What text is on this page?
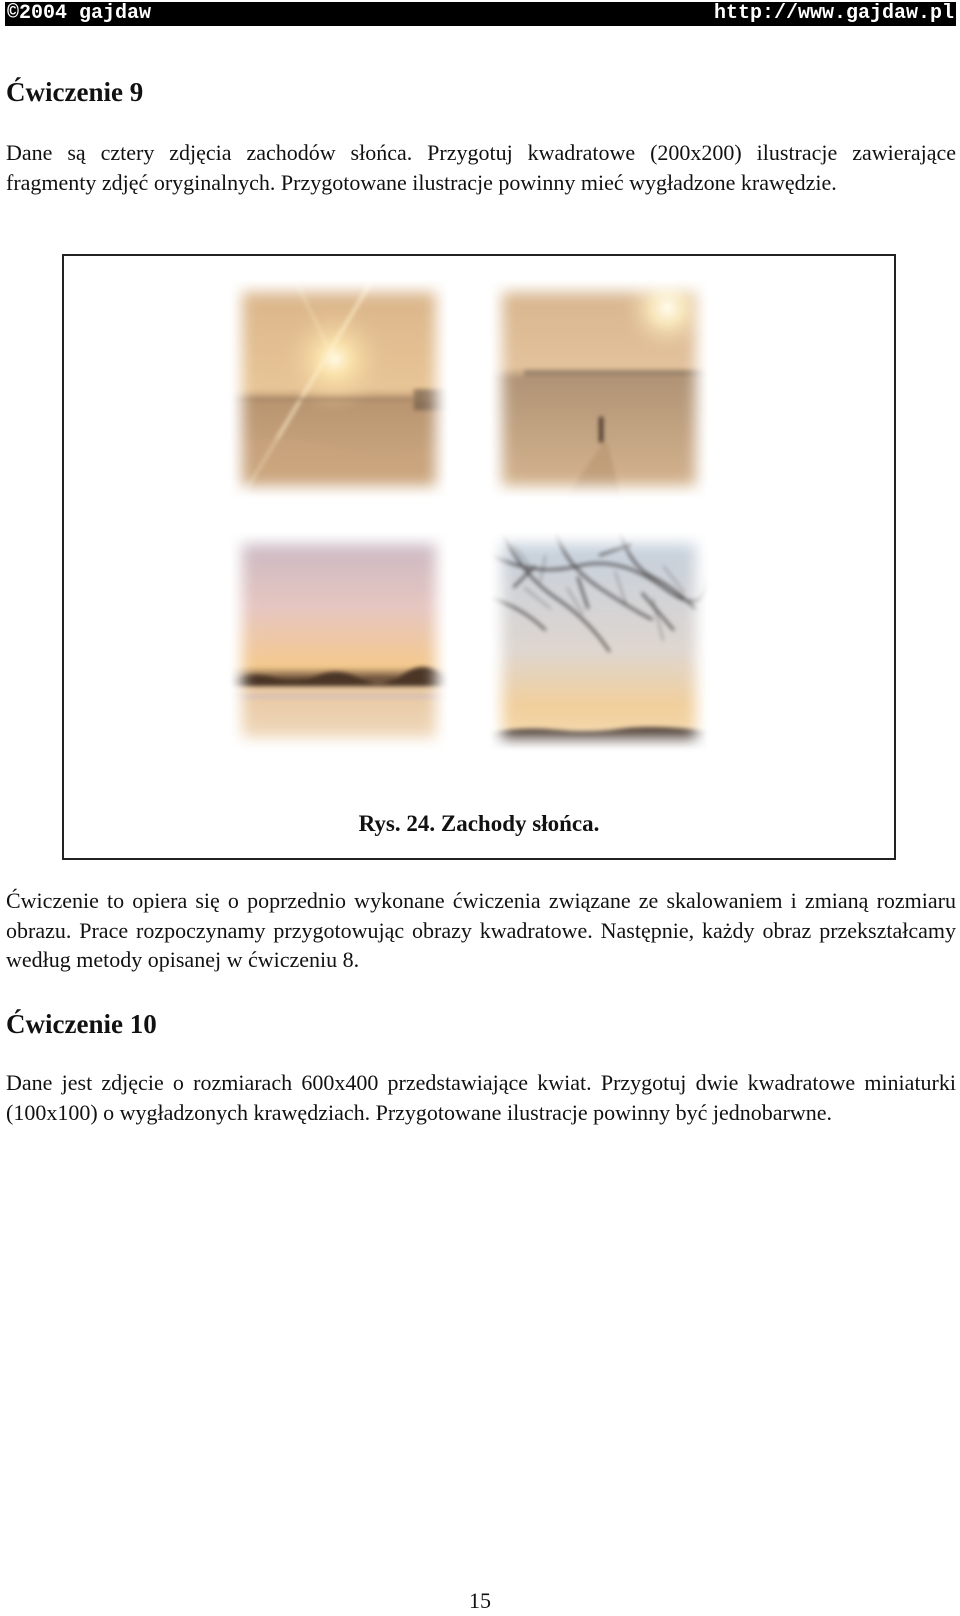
©2004 gajdaw	http://www.gajdaw.pl
Ćwiczenie 9

Dane są cztery zdjęcia zachodów słońca. Przygotuj kwadratowe (200x200) ilustracje zawierające fragmenty zdjęć oryginalnych. Przygotowane ilustracje powinny mieć wygładzone krawędzie.

Rys. 24. Zachody słońca.

Ćwiczenie to opiera się o poprzednio wykonane ćwiczenia związane ze skalowaniem i zmianą rozmiaru obrazu. Prace rozpoczynamy przygotowując obrazy kwadratowe. Następnie, każdy obraz przekształcamy według metody opisanej w ćwiczeniu 8.

Ćwiczenie 10

Dane jest zdjęcie o rozmiarach 600x400 przedstawiające kwiat. Przygotuj dwie kwadratowe miniaturki (100x100) o wygładzonych krawędziach. Przygotowane ilustracje powinny być jednobarwne.

15
